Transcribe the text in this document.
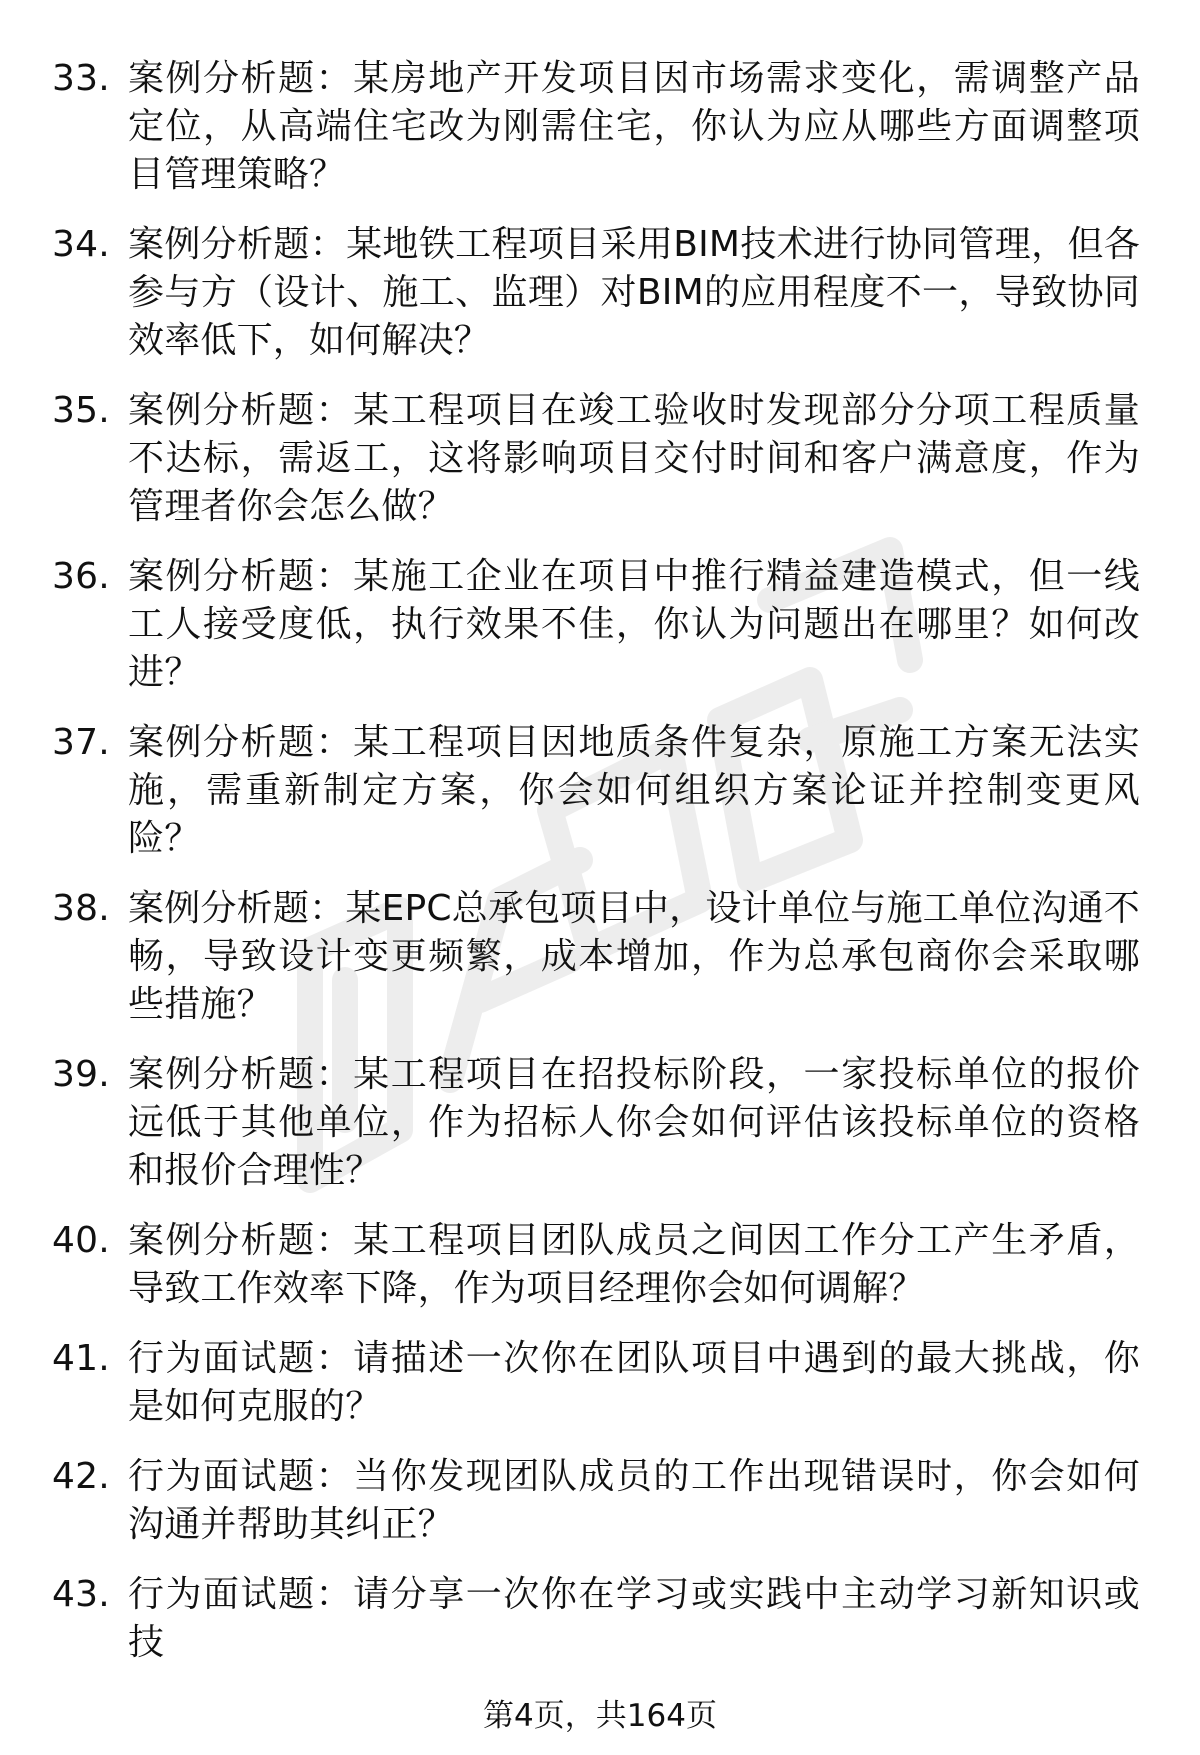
33. 案例分析题：某房地产开发项目因市场需求变化，需调整产品定位，从高端住宅改为刚需住宅，你认为应从哪些方面调整项目管理策略？
34. 案例分析题：某地铁工程项目采用BIM技术进行协同管理，但各参与方（设计、施工、监理）对BIM的应用程度不一，导致协同效率低下，如何解决？
35. 案例分析题：某工程项目在竣工验收时发现部分分项工程质量不达标，需返工，这将影响项目交付时间和客户满意度，作为管理者你会怎么做？
36. 案例分析题：某施工企业在项目中推行精益建造模式，但一线工人接受度低，执行效果不佳，你认为问题出在哪里？如何改进？
37. 案例分析题：某工程项目因地质条件复杂，原施工方案无法实施，需重新制定方案，你会如何组织方案论证并控制变更风险？
38. 案例分析题：某EPC总承包项目中，设计单位与施工单位沟通不畅，导致设计变更频繁，成本增加，作为总承包商你会采取哪些措施？
39. 案例分析题：某工程项目在招投标阶段，一家投标单位的报价远低于其他单位，作为招标人你会如何评估该投标单位的资格和报价合理性？
40. 案例分析题：某工程项目团队成员之间因工作分工产生矛盾，导致工作效率下降，作为项目经理你会如何调解？
41. 行为面试题：请描述一次你在团队项目中遇到的最大挑战，你是如何克服的？
42. 行为面试题：当你发现团队成员的工作出现错误时，你会如何沟通并帮助其纠正？
43. 行为面试题：请分享一次你在学习或实践中主动学习新知识或技
第4页，共164页
